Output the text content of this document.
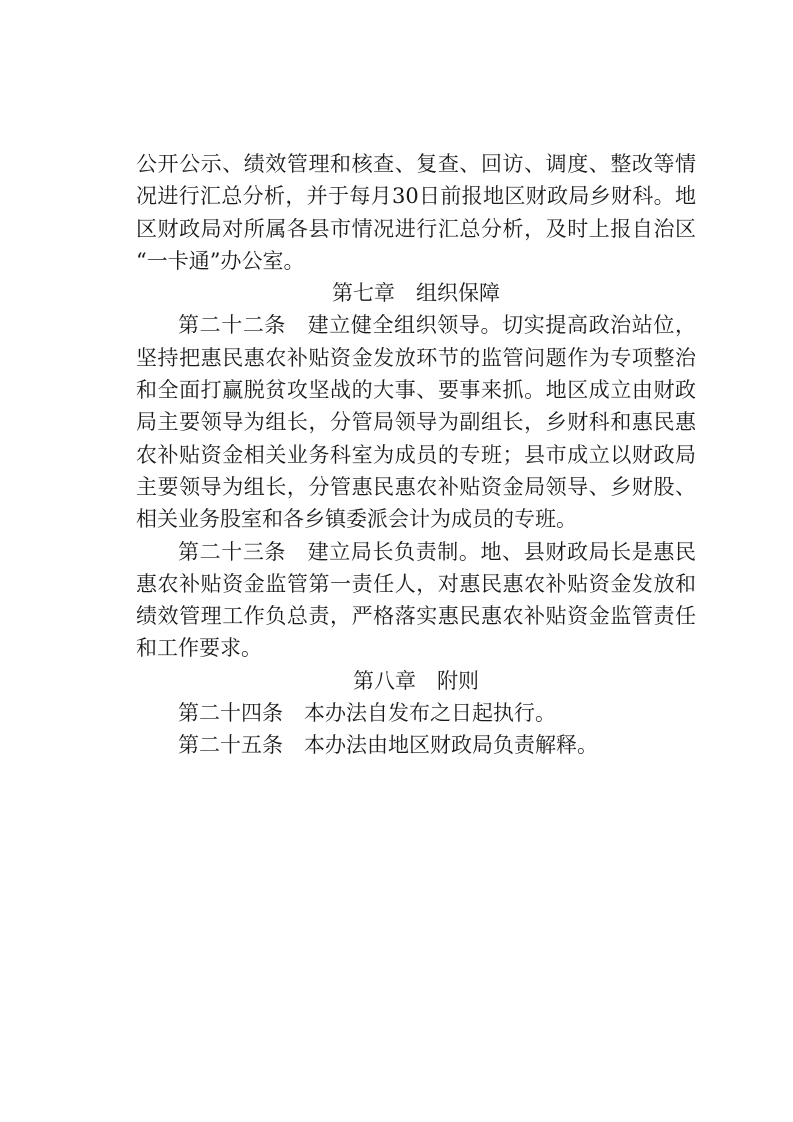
公开公示、绩效管理和核查、复查、回访、调度、整改等情
况进行汇总分析，并于每月30日前报地区财政局乡财科。地
区财政局对所属各县市情况进行汇总分析，及时上报自治区
“一卡通”办公室。
第七章　组织保障
第二十二条　建立健全组织领导。切实提高政治站位，
坚持把惠民惠农补贴资金发放环节的监管问题作为专项整治
和全面打赢脱贫攻坚战的大事、要事来抓。地区成立由财政
局主要领导为组长，分管局领导为副组长，乡财科和惠民惠
农补贴资金相关业务科室为成员的专班；县市成立以财政局
主要领导为组长，分管惠民惠农补贴资金局领导、乡财股、
相关业务股室和各乡镇委派会计为成员的专班。
第二十三条　建立局长负责制。地、县财政局长是惠民
惠农补贴资金监管第一责任人，对惠民惠农补贴资金发放和
绩效管理工作负总责，严格落实惠民惠农补贴资金监管责任
和工作要求。
第八章　附则
第二十四条　本办法自发布之日起执行。
第二十五条　本办法由地区财政局负责解释。
